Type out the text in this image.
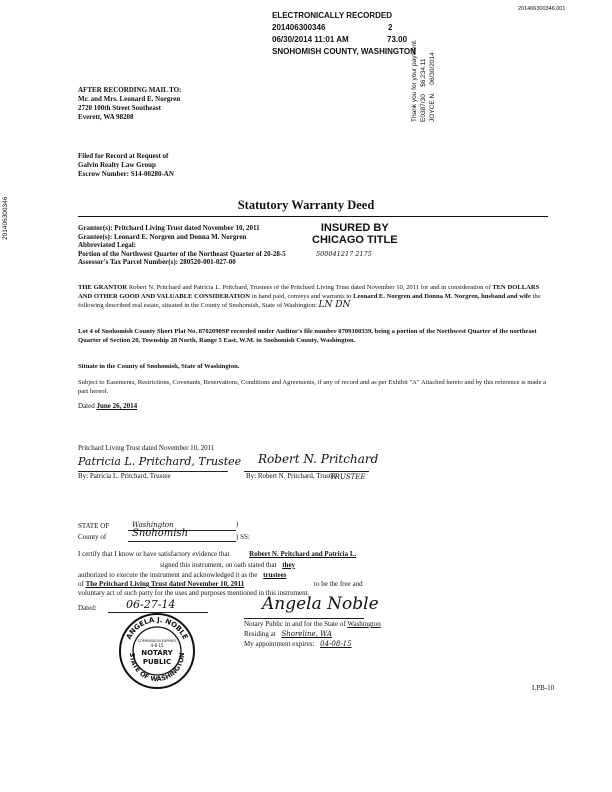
201406300346.001
ELECTRONICALLY RECORDED
201406300346	2
06/30/2014 11:01 AM	73.00
SNOHOMISH COUNTY, WASHINGTON
Thank you for your payment. E0387/30    $6,234.11
JOYCE N.    06/30/2014
201406300346
AFTER RECORDING MAIL TO:
Mr. and Mrs. Leonard E. Norgren
2720 100th Street Southeast
Everett, WA 98208
Filed for Record at Request of
Galvin Realty Law Group
Escrow Number: S14-00280-AN
Statutory Warranty Deed
Grantor(s): Pritchard Living Trust dated November 10, 2011
Grantee(s): Leonard E. Norgren and Donna M. Norgren
Abbreviated Legal:
Portion of the Northwest Quarter of the Northeast Quarter of 20-28-5
Assessor's Tax Parcel Number(s): 280520-001-027-00
INSURED BY
CHICAGO TITLE
500041217 2175
THE GRANTOR Robert N. Pritchard and Patricia L. Pritchard, Trustees of the Pritchard Living Trust dated November 10, 2011 for and in consideration of TEN DOLLARS AND OTHER GOOD AND VALUABLE CONSIDERATION in hand paid, conveys and warrants to Leonard E. Norgren and Donna M. Norgren, husband and wife the following described real estate, situated in the County of Snohomish, State of Washington: LN DN
Lot 4 of Snohomish County Short Plat No. 8702090SP recorded under Auditor's file number 8709100339, being a portion of the Northwest Quarter of the northeast Quarter of Section 20, Township 28 North, Range 5 East, W.M. in Snohomish County, Washington.
Situate in the County of Snohomish, State of Washington.
Subject to Easements, Restrictions, Covenants, Reservations, Conditions and Agreements, if any of record and as per Exhibit "A" Attached hereto and by this reference is made a part hereof.
Dated June 26, 2014
Pritchard Living Trust dated November 10, 2011
Patricia L. Pritchard, Trustee
By: Patricia L. Pritchard, Trustee
Robert N. Pritchard
By: Robert N. Pritchard, Trustee
TRUSTEE
STATE OF	Washington	)
County of	Snohomish	) SS:
I certify that I know or have satisfactory evidence that	Robert N. Pritchard and Patricia L.
signed this instrument, on oath stated that they
authorized to execute the instrument and acknowledged it as the trustees
of The Pritchard Living Trust dated November 10, 2011	to be the free and voluntary act of such party for the uses and purposes mentioned in this instrument.
Dated:	06-27-14	Angela Noble
Notary Public in and for the State of Washington
Residing at Shoreline, WA
My appointment expires: 04-08-15
ANGELA J. NOBLE
STATE OF WASHINGTON
COMMISSION EXPIRES
4-8-15
NOTARY
PUBLIC
LPB-10
